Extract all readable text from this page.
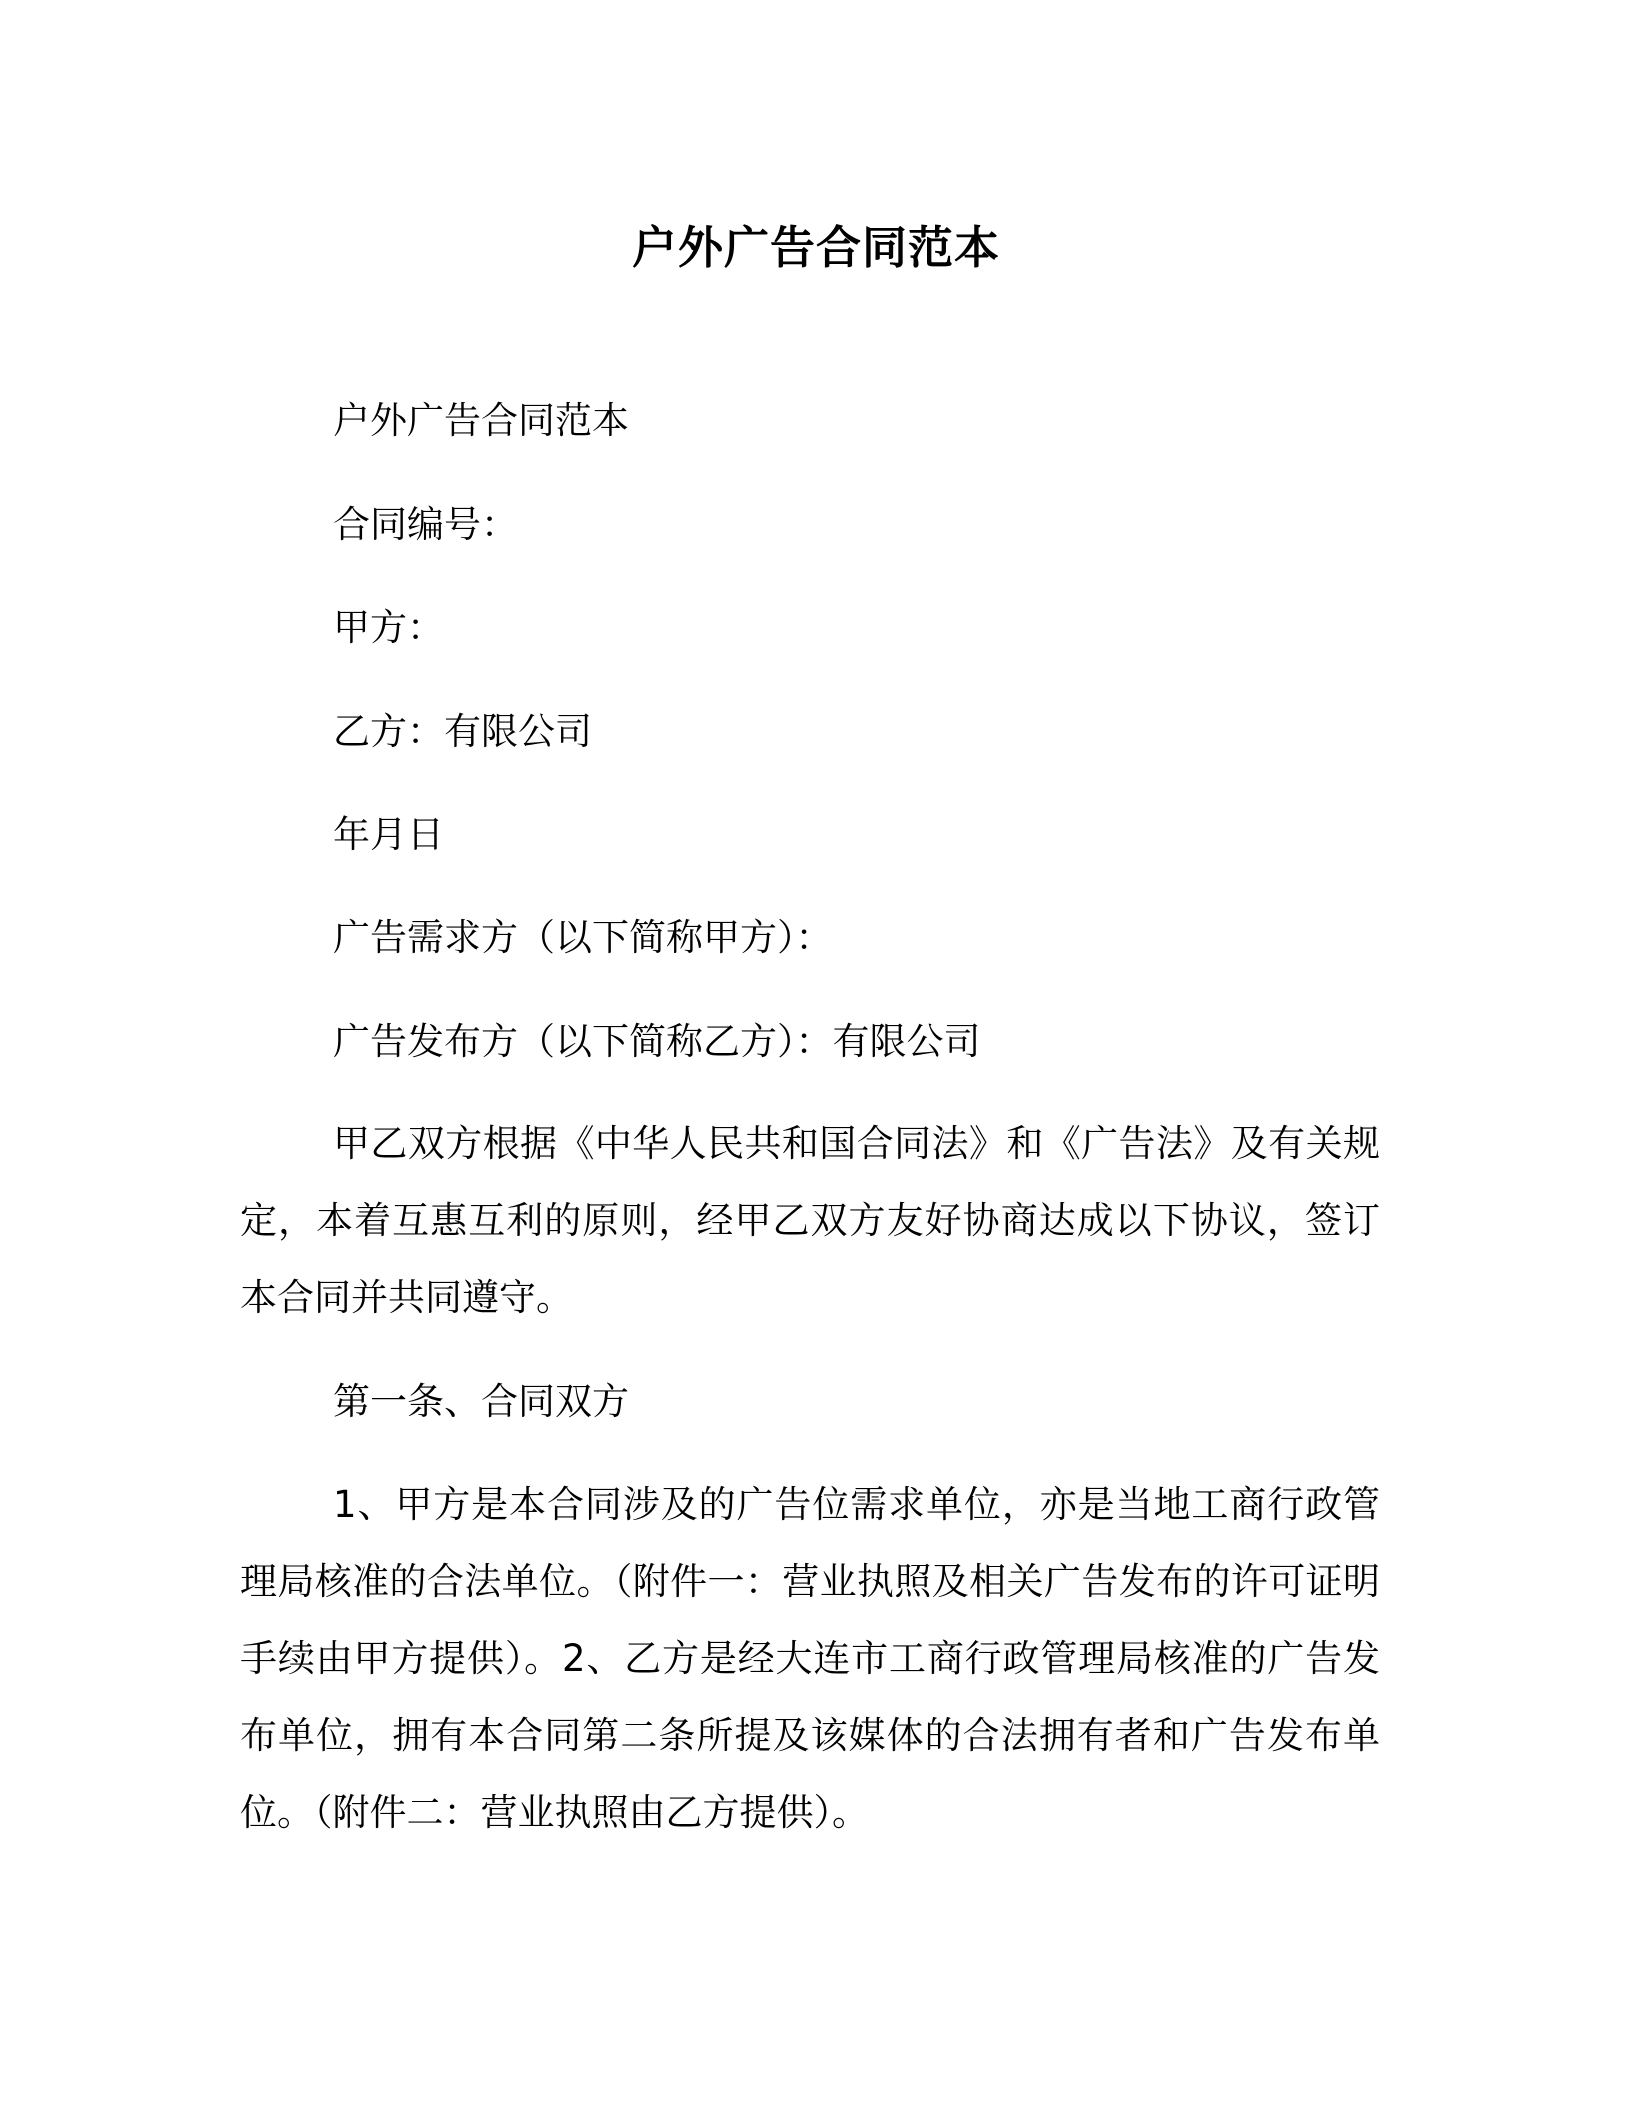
户外广告合同范本

户外广告合同范本

合同编号：

甲方：

乙方：有限公司

年月日

广告需求方（以下简称甲方）：

广告发布方（以下简称乙方）：有限公司

甲乙双方根据《中华人民共和国合同法》和《广告法》及有关规定，本着互惠互利的原则，经甲乙双方友好协商达成以下协议，签订本合同并共同遵守。

第一条、合同双方

1、甲方是本合同涉及的广告位需求单位，亦是当地工商行政管理局核准的合法单位。（附件一：营业执照及相关广告发布的许可证明手续由甲方提供）。2、乙方是经大连市工商行政管理局核准的广告发布单位，拥有本合同第二条所提及该媒体的合法拥有者和广告发布单位。（附件二：营业执照由乙方提供）。
